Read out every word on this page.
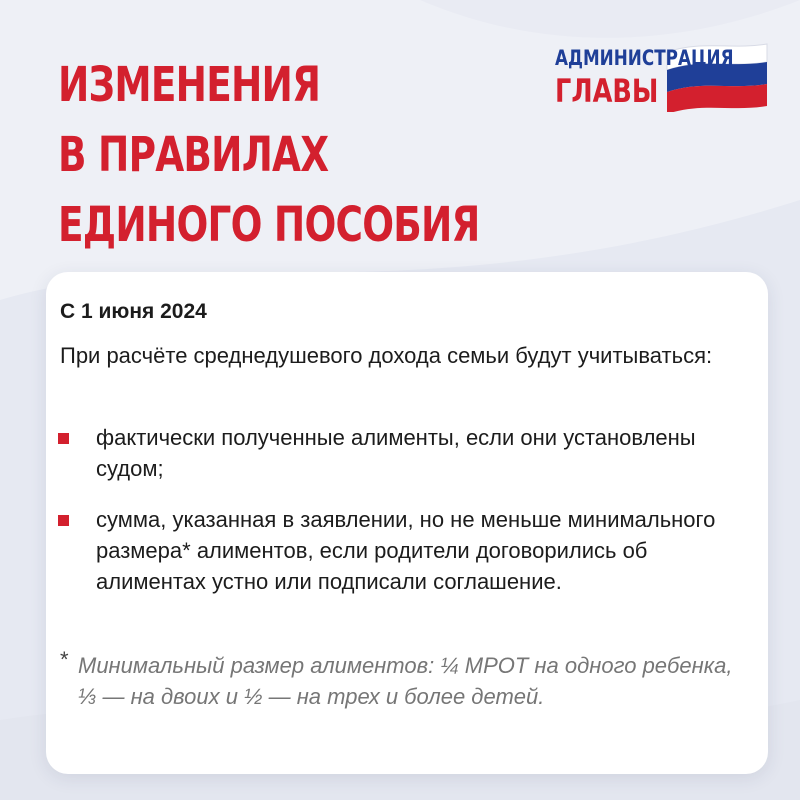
ИЗМЕНЕНИЯ
В ПРАВИЛАХ
ЕДИНОГО ПОСОБИЯ
АДМИНИСТРАЦИЯ
ГЛАВЫ
С 1 июня 2024
При расчёте среднедушевого дохода семьи будут учитываться:
фактически полученные алименты, если они установлены судом;
сумма, указанная в заявлении, но не меньше минимального размера* алиментов, если родители договорились об алиментах устно или подписали соглашение.
* Минимальный размер алиментов: ¼ МРОТ на одного ребенка, ⅓ — на двоих и ½ — на трех и более детей.
